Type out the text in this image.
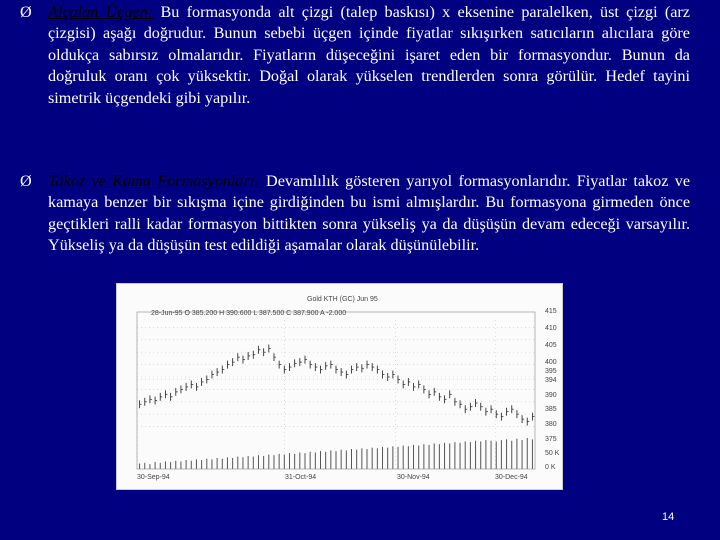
Ø Alçalan Üçgen: Bu formasyonda alt çizgi (talep baskısı) x eksenine paralelken, üst çizgi (arz çizgisi) aşağı doğrudur. Bunun sebebi üçgen içinde fiyatlar sıkışırken satıcıların alıcılara göre oldukça sabırsız olmalarıdır. Fiyatların düşeceğini işaret eden bir formasyondur. Bunun da doğruluk oranı çok yüksektir. Doğal olarak yükselen trendlerden sonra görülür. Hedef tayini simetrik üçgendeki gibi yapılır.

Ø Takoz ve Kama Formasyonları: Devamlılık gösteren yarıyol formasyonlarıdır. Fiyatlar takoz ve kamaya benzer bir sıkışma içine girdiğinden bu ismi almışlardır. Bu formasyona girmeden önce geçtikleri ralli kadar formasyon bittikten sonra yükseliş ya da düşüşün devam edeceği varsayılır. Yükseliş ya da düşüşün test edildiği aşamalar olarak düşünülebilir.

Gold KTH (GC) Jun 95
28-Jun-95 O 385.200 H 390.600 L 387.500 C 387.900 A -2.000	415
410
405
400
395
394
390
385
380
375
50 K
0 K
30-Sep-94	31-Oct-94	30-Nov-94	30-Dec-94
14
